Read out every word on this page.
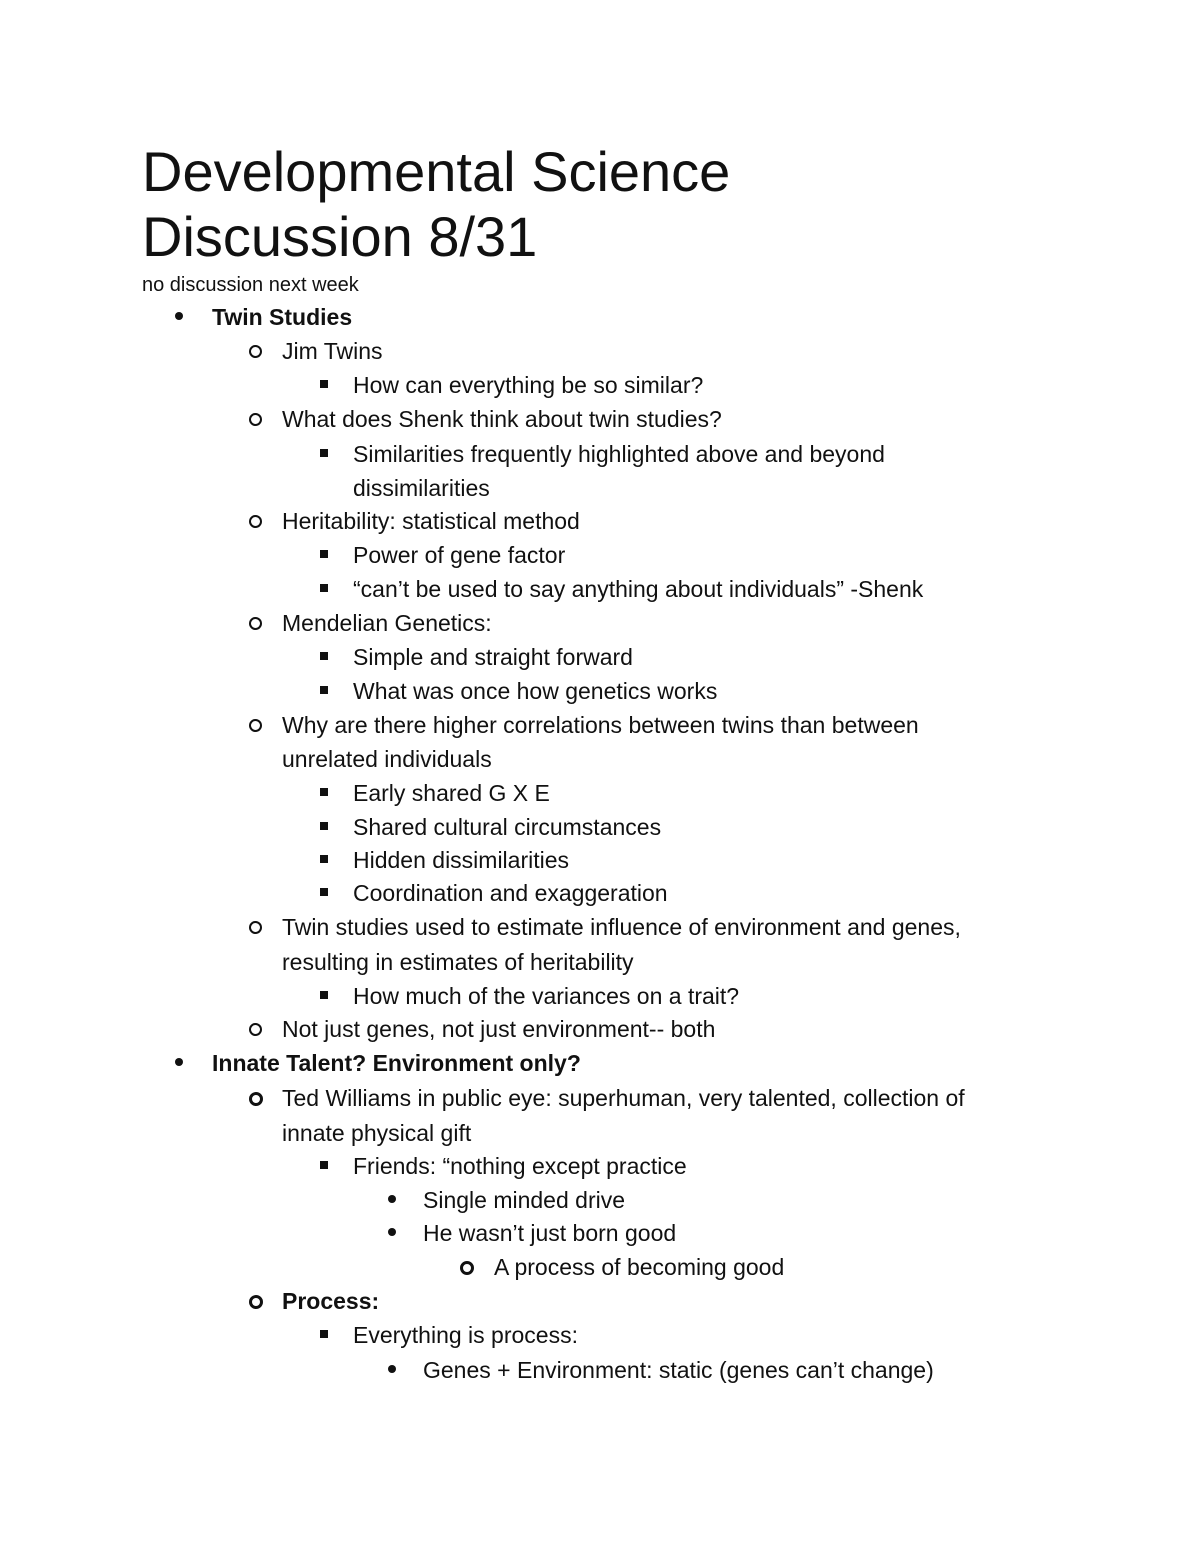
Developmental Science
Discussion 8/31
no discussion next week
Twin Studies
Jim Twins
How can everything be so similar?
What does Shenk think about twin studies?
Similarities frequently highlighted above and beyond
dissimilarities
Heritability: statistical method
Power of gene factor
“can’t be used to say anything about individuals” -Shenk
Mendelian Genetics:
Simple and straight forward
What was once how genetics works
Why are there higher correlations between twins than between
unrelated individuals
Early shared G X E
Shared cultural circumstances
Hidden dissimilarities
Coordination and exaggeration
Twin studies used to estimate influence of environment and genes,
resulting in estimates of heritability
How much of the variances on a trait?
Not just genes, not just environment-- both
Innate Talent? Environment only?
Ted Williams in public eye: superhuman, very talented, collection of
innate physical gift
Friends: “nothing except practice
Single minded drive
He wasn’t just born good
A process of becoming good
Process:
Everything is process:
Genes + Environment: static (genes can’t change)
